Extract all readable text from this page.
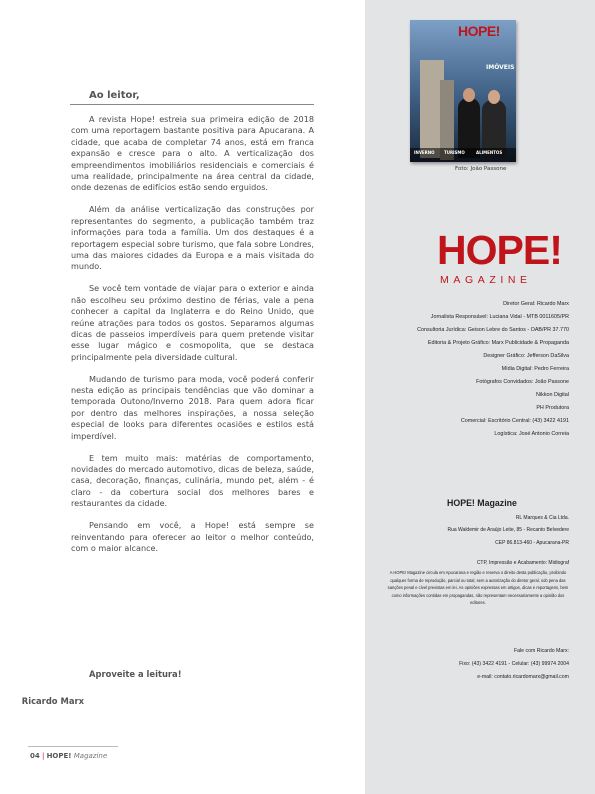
Ao leitor,

A revista Hope! estreia sua primeira edição de 2018 com uma reportagem bastante positiva para Apucarana. A cidade, que acaba de completar 74 anos, está em franca expansão e cresce para o alto. A verticalização dos empreendimentos imobiliários residenciais e comerciais é uma realidade, principalmente na área central da cidade, onde dezenas de edifícios estão sendo erguidos.

Além da análise verticalização das construções por representantes do segmento, a publicação também traz informações para toda a família. Um dos destaques é a reportagem especial sobre turismo, que fala sobre Londres, uma das maiores cidades da Europa e a mais visitada do mundo.

Se você tem vontade de viajar para o exterior e ainda não escolheu seu próximo destino de férias, vale a pena conhecer a capital da Inglaterra e do Reino Unido, que reúne atrações para todos os gostos. Separamos algumas dicas de passeios imperdíveis para quem pretende visitar esse lugar mágico e cosmopolita, que se destaca principalmente pela diversidade cultural.

Mudando de turismo para moda, você poderá conferir nesta edição as principais tendências que vão dominar a temporada Outono/Inverno 2018. Para quem adora ficar por dentro das melhores inspirações, a nossa seleção especial de looks para diferentes ocasiões e estilos está imperdível.

E tem muito mais: matérias de comportamento, novidades do mercado automotivo, dicas de beleza, saúde, casa, decoração, finanças, culinária, mundo pet, além - é claro - da cobertura social dos melhores bares e restaurantes da cidade.

Pensando em você, a Hope! está sempre se reinventando para oferecer ao leitor o melhor conteúdo, com o maior alcance.

Aproveite a leitura!
Ricardo Marx
04 | HOPE! Magazine
HOPE!
IMÓVEIS
INVERNO TURISMO	ALIMENTOS
Foto: João Passone
HOPE!
MAGAZINE
Diretor Geral: Ricardo Marx
Jornalista Responsável: Luciana Vidal - MTB 0011605/PR
Consultoria Jurídica: Geison Lebre do Santos - OAB/PR 37.770
Editoria & Projeto Gráfico: Marx Publicidade & Propaganda
Designer Gráfico: Jefferson DaSilva
Mídia Digital: Pedro Ferreira
Fotógrafos Convidados: João Passone
Nikkon Digital
PH Produtora
Comercial: Escritório Central: (43) 3422 4191
Logística: José Antonio Correia
HOPE! Magazine
RL Marques & Cia Ltda.
Rua Waldemir de Araújo Leite, 85 - Recanto Belvedere
CEP 86.813-460 - Apucarana-PR
CTP, Impressão e Acabamento: Midiograf
A HOPE! Magazine circula em Apucarana e região e reserva o direito desta publicação, proibindo qualquer forma de reprodução, parcial ou total, sem a autorização do diretor geral, sob pena das sanções penal e cível previstas em lei. As opiniões expressas em artigos, dicas e reportagens, bem como informações contidas em propagandas, não representam necessariamente a opinião dos editores.
Fale com Ricardo Marx:
Fixo: (43) 3422 4191 - Celular: (43) 99974 2004
e-mail: contato.ricardomarx@gmail.com
